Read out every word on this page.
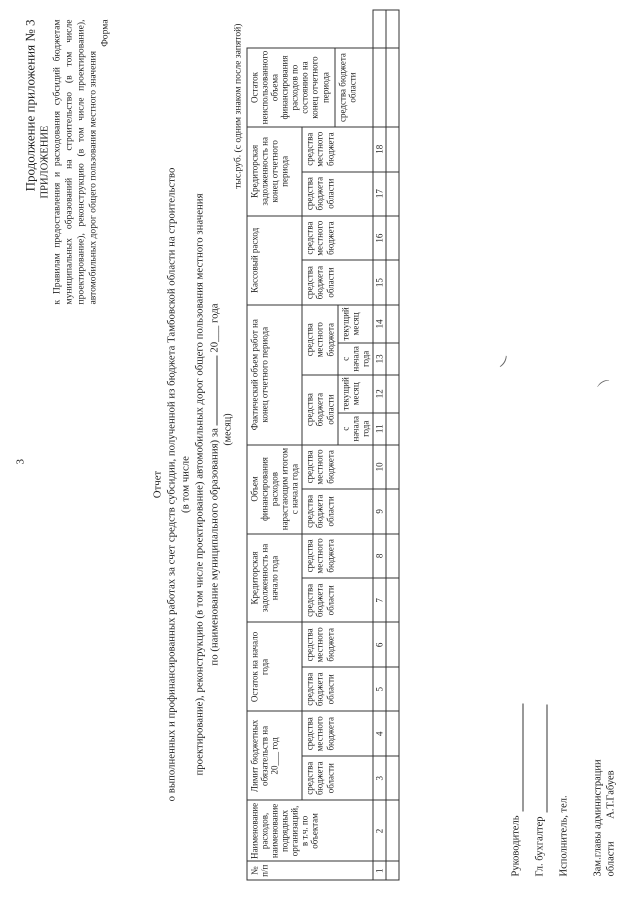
3
Продолжение приложения № 3 ПРИЛОЖЕНИЕ к Правилам предоставления и расходования субсидий бюджетам муниципальных образований на строительство (в том числе проектирование), реконструкцию (в том числе проектирование), автомобильных дорог общего пользования местного значения
Форма
Отчет о выполненных и профинансированных работах за счет средств субсидии, полученной из бюджета Тамбовской области на строительство (в том числе проектирование), реконструкцию (в том числе проектирование) автомобильных дорог общего пользования местного значения по (наименование муниципального образования) за  20___ года
(месяц)
тыс.руб. (с одним знаком после запятой)
№ п/п	Наименование расходов, наименование подрядных организаций, в т.ч. по объектам	Лимит бюджетных обязательств на 20___ год		Остаток на начало года		Кредиторская задолженность на начало года		Объем финансирования расходов нарастающим итогом с начала года		Фактический объем работ на конец отчетного периода				Кассовый расход		Кредиторская задолженность на конец отчетного периода		Остаток неиспользованного объема финансирования расходов по состоянию на конец отчетного периода средства бюджета области	

		средства бюджета области	средства местного бюджета	средства бюджета области	средства местного бюджета	средства бюджета области	средства местного бюджета	средства бюджета области	средства местного бюджета	средства бюджета области		средства местного бюджета		средства бюджета области	средства местного бюджета	средства бюджета области	средства местного бюджета		
										с начала года	текущий месяц	с начала года	текущий месяц						
1	2	3	4	5	6	7	8	9	10	11	12	13	14	15	16	17	18		

Руководитель Гл. бухгалтер Исполнитель, тел. Зам.главы администрации области А.Т.Габуев
‿
⌒
